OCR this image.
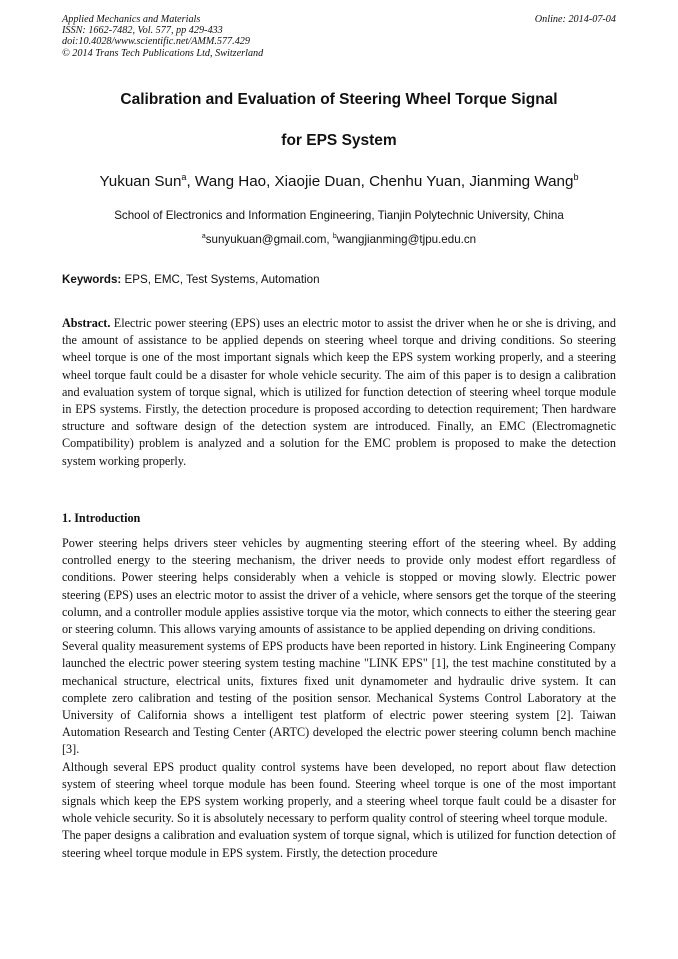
Applied Mechanics and Materials
ISSN: 1662-7482, Vol. 577, pp 429-433
doi:10.4028/www.scientific.net/AMM.577.429
© 2014 Trans Tech Publications Ltd, Switzerland
Online: 2014-07-04
Calibration and Evaluation of Steering Wheel Torque Signal
for EPS System
Yukuan Sun$^a$, Wang Hao, Xiaojie Duan, Chenhu Yuan, Jianming Wang$^b$
School of Electronics and Information Engineering, Tianjin Polytechnic University, China
$^a$sunyukuan@gmail.com, $^b$wangjianming@tjpu.edu.cn
Keywords: EPS, EMC, Test Systems, Automation
Abstract. Electric power steering (EPS) uses an electric motor to assist the driver when he or she is driving, and the amount of assistance to be applied depends on steering wheel torque and driving conditions. So steering wheel torque is one of the most important signals which keep the EPS system working properly, and a steering wheel torque fault could be a disaster for whole vehicle security. The aim of this paper is to design a calibration and evaluation system of torque signal, which is utilized for function detection of steering wheel torque module in EPS systems. Firstly, the detection procedure is proposed according to detection requirement; Then hardware structure and software design of the detection system are introduced. Finally, an EMC (Electromagnetic Compatibility) problem is analyzed and a solution for the EMC problem is proposed to make the detection system working properly.
1. Introduction

Power steering helps drivers steer vehicles by augmenting steering effort of the steering wheel. By adding controlled energy to the steering mechanism, the driver needs to provide only modest effort regardless of conditions. Power steering helps considerably when a vehicle is stopped or moving slowly. Electric power steering (EPS) uses an electric motor to assist the driver of a vehicle, where sensors get the torque of the steering column, and a controller module applies assistive torque via the motor, which connects to either the steering gear or steering column. This allows varying amounts of assistance to be applied depending on driving conditions.

Several quality measurement systems of EPS products have been reported in history. Link Engineering Company launched the electric power steering system testing machine "LINK EPS" [1], the test machine constituted by a mechanical structure, electrical units, fixtures fixed unit dynamometer and hydraulic drive system. It can complete zero calibration and testing of the position sensor. Mechanical Systems Control Laboratory at the University of California shows a intelligent test platform of electric power steering system [2]. Taiwan Automation Research and Testing Center (ARTC) developed the electric power steering column bench machine [3].

Although several EPS product quality control systems have been developed, no report about flaw detection system of steering wheel torque module has been found. Steering wheel torque is one of the most important signals which keep the EPS system working properly, and a steering wheel torque fault could be a disaster for whole vehicle security. So it is absolutely necessary to perform quality control of steering wheel torque module.

The paper designs a calibration and evaluation system of torque signal, which is utilized for function detection of steering wheel torque module in EPS system. Firstly, the detection procedure
